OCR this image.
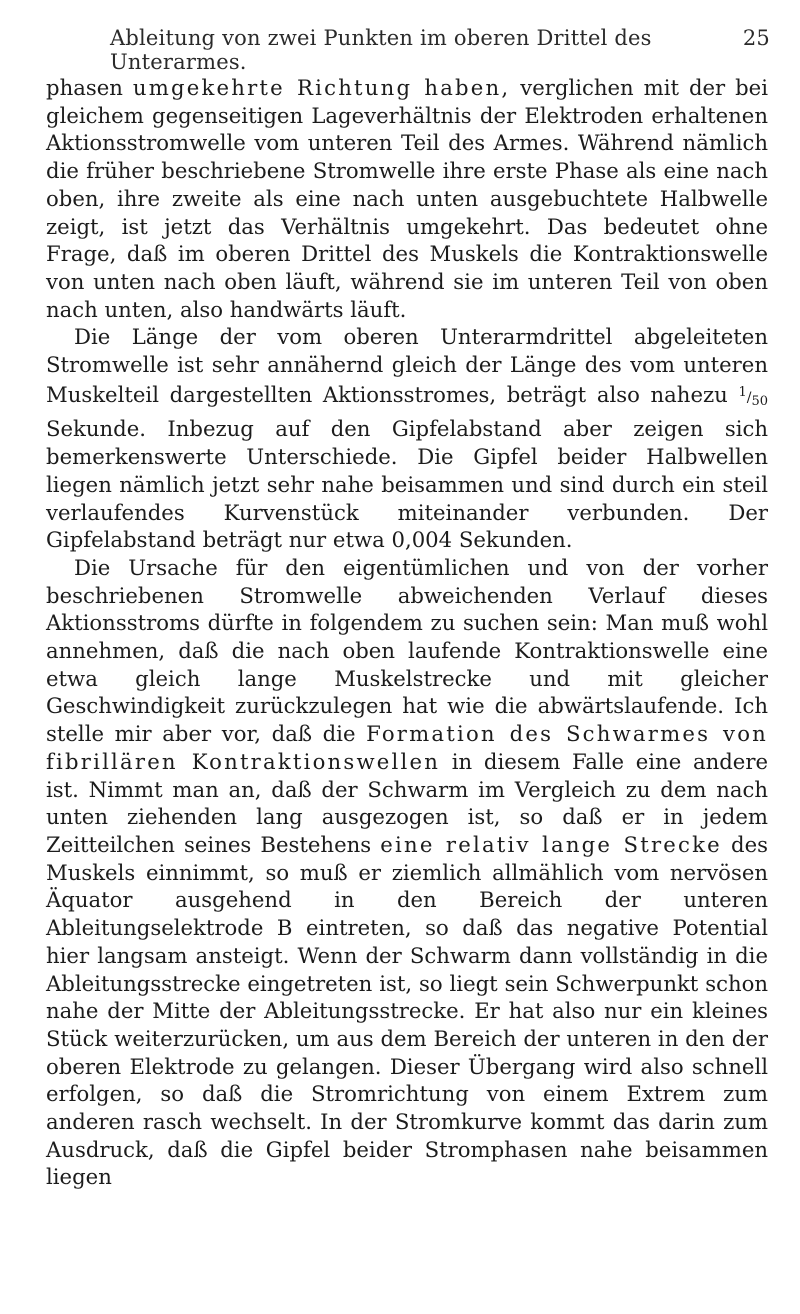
Ableitung von zwei Punkten im oberen Drittel des Unterarmes.
25

phasen umgekehrte Richtung haben, verglichen mit der bei gleichem gegenseitigen Lageverhältnis der Elektroden erhaltenen Aktionsstromwelle vom unteren Teil des Armes. Während nämlich die früher beschriebene Stromwelle ihre erste Phase als eine nach oben, ihre zweite als eine nach unten ausgebuchtete Halbwelle zeigt, ist jetzt das Verhältnis umgekehrt. Das bedeutet ohne Frage, daß im oberen Drittel des Muskels die Kontraktionswelle von unten nach oben läuft, während sie im unteren Teil von oben nach unten, also handwärts läuft.

Die Länge der vom oberen Unterarmdrittel abgeleiteten Stromwelle ist sehr annähernd gleich der Länge des vom unteren Muskelteil dargestellten Aktionsstromes, beträgt also nahezu $^1/_{50}$ Sekunde. Inbezug auf den Gipfelabstand aber zeigen sich bemerkenswerte Unterschiede. Die Gipfel beider Halbwellen liegen nämlich jetzt sehr nahe beisammen und sind durch ein steil verlaufendes Kurvenstück miteinander verbunden. Der Gipfelabstand beträgt nur etwa 0,004 Sekunden.

Die Ursache für den eigentümlichen und von der vorher beschriebenen Stromwelle abweichenden Verlauf dieses Aktionsstroms dürfte in folgendem zu suchen sein: Man muß wohl annehmen, daß die nach oben laufende Kontraktionswelle eine etwa gleich lange Muskelstrecke und mit gleicher Geschwindigkeit zurückzulegen hat wie die abwärtslaufende. Ich stelle mir aber vor, daß die Formation des Schwarmes von fibrillären Kontraktionswellen in diesem Falle eine andere ist. Nimmt man an, daß der Schwarm im Vergleich zu dem nach unten ziehenden lang ausgezogen ist, so daß er in jedem Zeitteilchen seines Bestehens eine relativ lange Strecke des Muskels einnimmt, so muß er ziemlich allmählich vom nervösen Äquator ausgehend in den Bereich der unteren Ableitungselektrode B eintreten, so daß das negative Potential hier langsam ansteigt. Wenn der Schwarm dann vollständig in die Ableitungsstrecke eingetreten ist, so liegt sein Schwerpunkt schon nahe der Mitte der Ableitungsstrecke. Er hat also nur ein kleines Stück weiterzurücken, um aus dem Bereich der unteren in den der oberen Elektrode zu gelangen. Dieser Übergang wird also schnell erfolgen, so daß die Stromrichtung von einem Extrem zum anderen rasch wechselt. In der Stromkurve kommt das darin zum Ausdruck, daß die Gipfel beider Stromphasen nahe beisammen liegen
